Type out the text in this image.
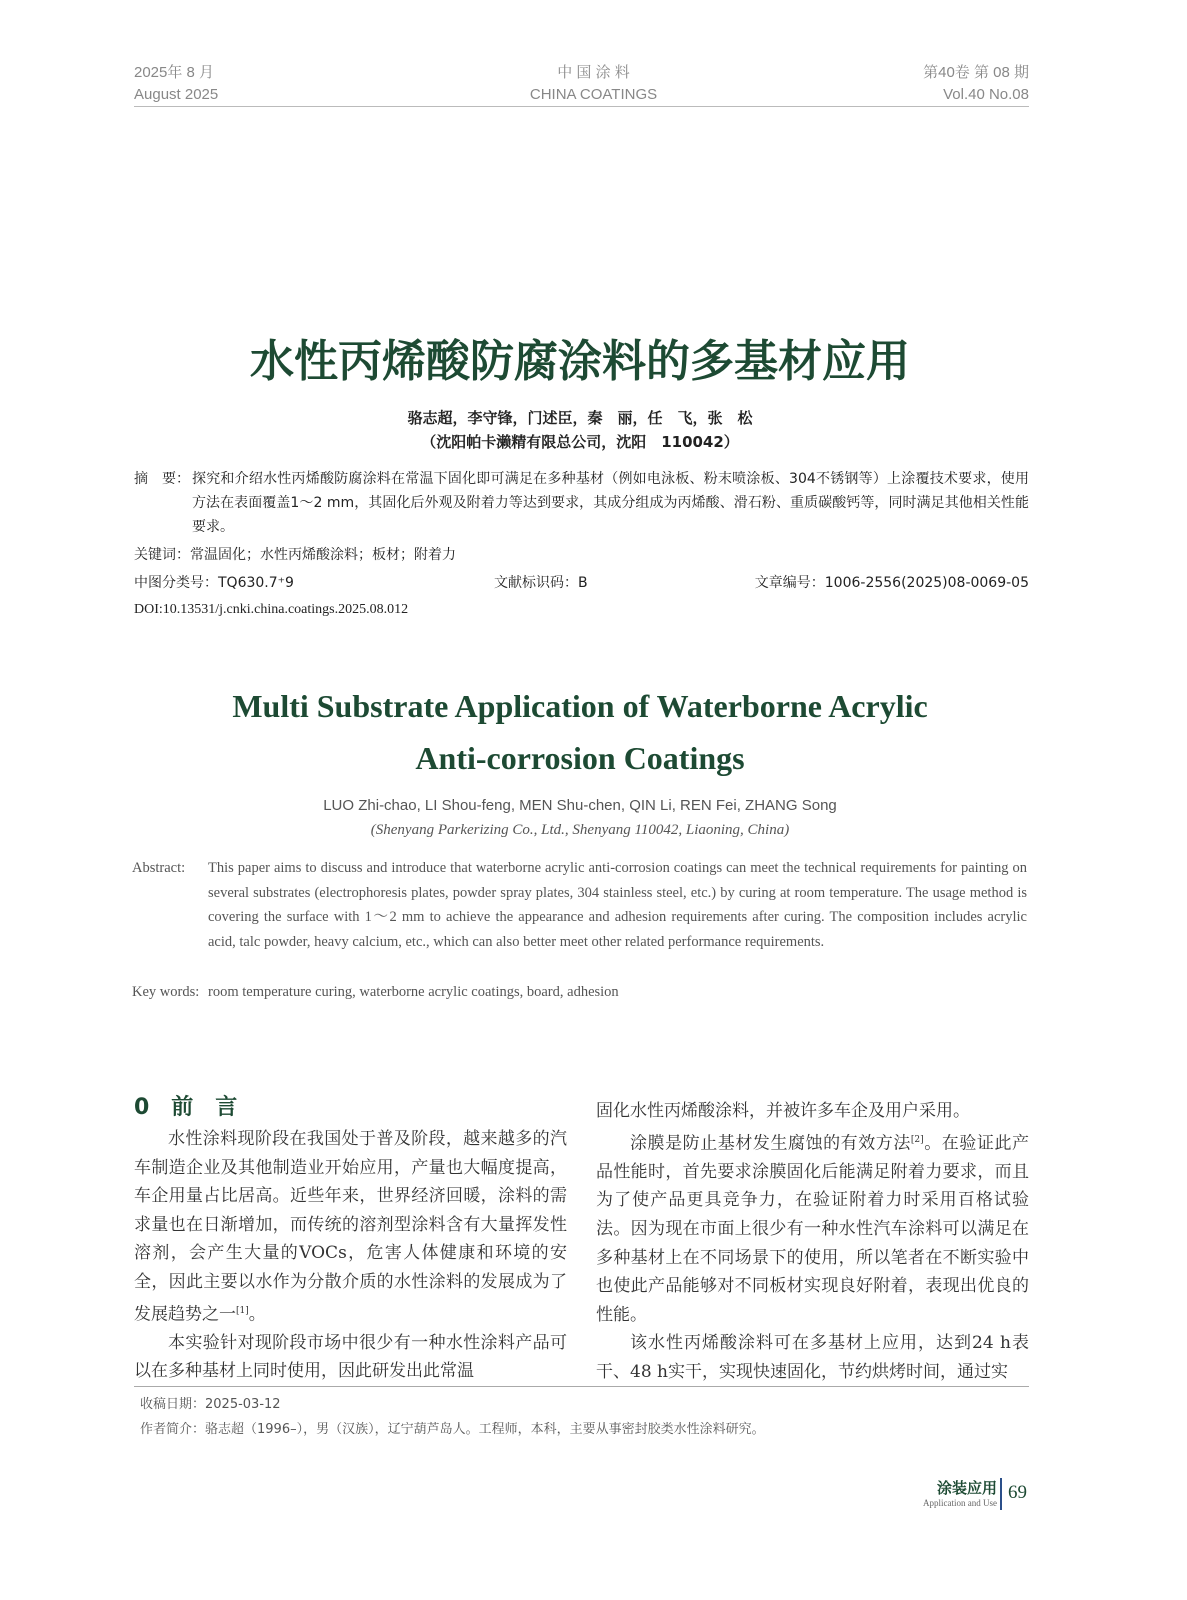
2025年 8 月
August 2025
中 国 涂 料
CHINA COATINGS
第40卷 第 08 期
Vol.40 No.08
水性丙烯酸防腐涂料的多基材应用
骆志超，李守锋，门述臣，秦　丽，任　飞，张　松
（沈阳帕卡濑精有限总公司，沈阳　110042）
摘　要： 探究和介绍水性丙烯酸防腐涂料在常温下固化即可满足在多种基材（例如电泳板、粉末喷涂板、304不锈钢等）上涂覆技术要求，使用方法在表面覆盖1～2 mm，其固化后外观及附着力等达到要求，其成分组成为丙烯酸、滑石粉、重质碳酸钙等，同时满足其他相关性能要求。
关键词：常温固化；水性丙烯酸涂料；板材；附着力
中图分类号：TQ630.7⁺9	文献标识码：B	文章编号：1006-2556(2025)08-0069-05
DOI:10.13531/j.cnki.china.coatings.2025.08.012
Multi Substrate Application of Waterborne Acrylic
Anti-corrosion Coatings
LUO Zhi-chao, LI Shou-feng, MEN Shu-chen, QIN Li, REN Fei, ZHANG Song
(Shenyang Parkerizing Co., Ltd., Shenyang 110042, Liaoning, China)
Abstract: This paper aims to discuss and introduce that waterborne acrylic anti-corrosion coatings can meet the technical requirements for painting on several substrates (electrophoresis plates, powder spray plates, 304 stainless steel, etc.) by curing at room temperature. The usage method is covering the surface with 1～2 mm to achieve the appearance and adhesion requirements after curing. The composition includes acrylic acid, talc powder, heavy calcium, etc., which can also better meet other related performance requirements.
Key words: room temperature curing, waterborne acrylic coatings, board, adhesion
0　前　言

水性涂料现阶段在我国处于普及阶段，越来越多的汽车制造企业及其他制造业开始应用，产量也大幅度提高，车企用量占比居高。近些年来，世界经济回暖，涂料的需求量也在日渐增加，而传统的溶剂型涂料含有大量挥发性溶剂，会产生大量的VOCs，危害人体健康和环境的安全，因此主要以水作为分散介质的水性涂料的发展成为了发展趋势之一[1]。

本实验针对现阶段市场中很少有一种水性涂料产品可以在多种基材上同时使用，因此研发出此常温

固化水性丙烯酸涂料，并被许多车企及用户采用。

涂膜是防止基材发生腐蚀的有效方法[2]。在验证此产品性能时，首先要求涂膜固化后能满足附着力要求，而且为了使产品更具竞争力，在验证附着力时采用百格试验法。因为现在市面上很少有一种水性汽车涂料可以满足在多种基材上在不同场景下的使用，所以笔者在不断实验中也使此产品能够对不同板材实现良好附着，表现出优良的性能。

该水性丙烯酸涂料可在多基材上应用，达到24 h表干、48 h实干，实现快速固化，节约烘烤时间，通过实

收稿日期：2025-03-12
作者简介：骆志超（1996–），男（汉族），辽宁葫芦岛人。工程师，本科，主要从事密封胶类水性涂料研究。
涂装应用
Application and Use 69
